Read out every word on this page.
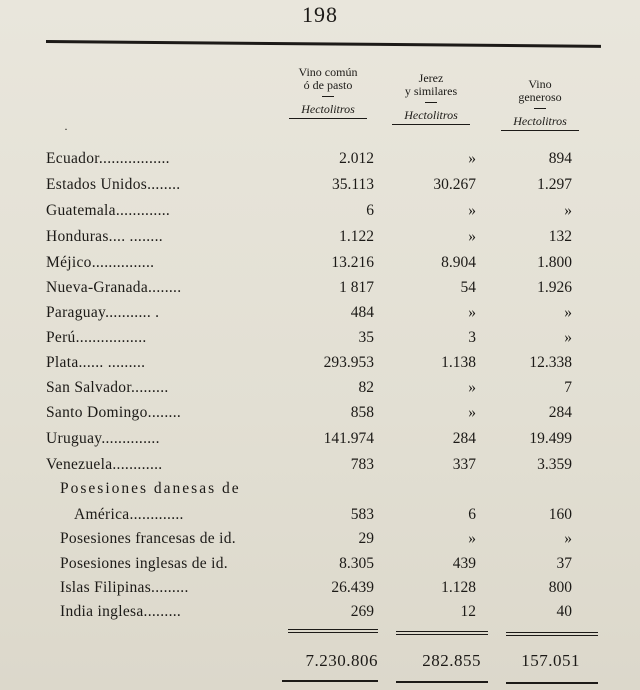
198
Vino común
ó de pasto
Hectolitros
Jerez
y similares
Hectolitros
Vino
generoso
Hectolitros
·
Ecuador.................	2.012	»	894
Estados Unidos........	35.113	30.267	1.297
Guatemala.............	6	»	»
Honduras.... ........	1.122	»	132
Méjico...............	13.216	8.904	1.800
Nueva-Granada........	1 817	54	1.926
Paraguay........... .	484	»	»
Perú.................	35	3	»
Plata...... .........	293.953	1.138	12.338
San Salvador.........	82	»	7
Santo Domingo........	858	»	284
Uruguay..............	141.974	284	19.499
Venezuela............	783	337	3.359
Posesiones danesas de
América.............	583	6	160
Posesiones francesas de id.	29	»	»
Posesiones inglesas de id.	8.305	439	37
Islas Filipinas.........	26.439	1.128	800
India inglesa.........	269	12	40
7.230.806	282.855 157.051
